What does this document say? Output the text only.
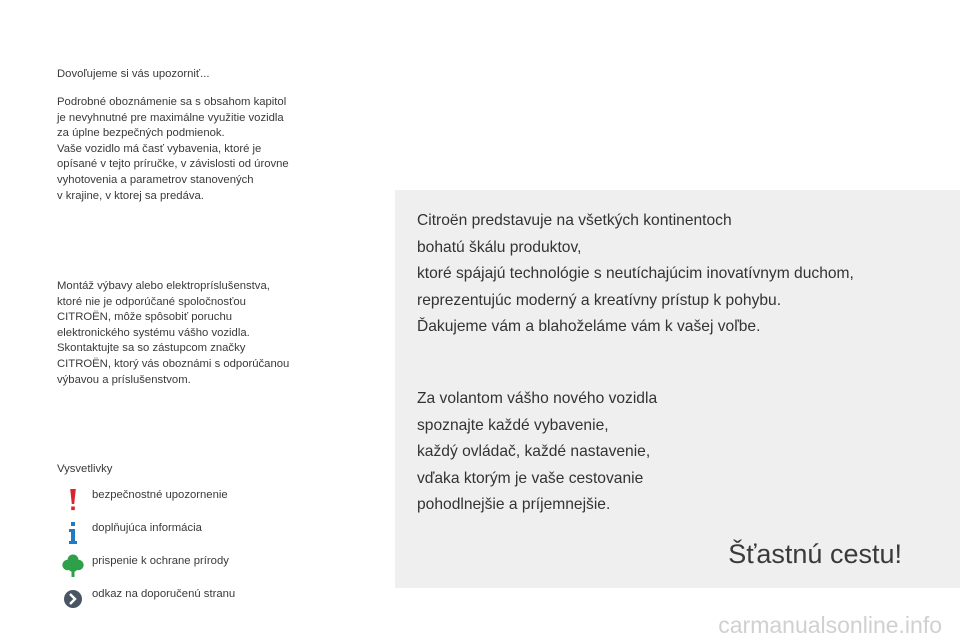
Dovoľujeme si vás upozorniť...

Podrobné oboznámenie sa s obsahom kapitol
je nevyhnutné pre maximálne využitie vozidla
za úplne bezpečných podmienok.
Vaše vozidlo má časť vybavenia, ktoré je
opísané v tejto príručke, v závislosti od úrovne
vyhotovenia a parametrov stanovených
v krajine, v ktorej sa predáva.

Montáž výbavy alebo elektropríslušenstva,
ktoré nie je odporúčané spoločnosťou
CITROËN, môže spôsobiť poruchu
elektronického systému vášho vozidla.
Skontaktujte sa so zástupcom značky
CITROËN, ktorý vás oboznámi s odporúčanou
výbavou a príslušenstvom.

Vysvetlivky

bezpečnostné upozornenie
doplňujúca informácia
prispenie k ochrane prírody
odkaz na doporučenú stranu

Citroën predstavuje na všetkých kontinentoch
bohatú škálu produktov,
ktoré spájajú technológie s neutíchajúcim inovatívnym duchom,
reprezentujúc moderný a kreatívny prístup k pohybu.
Ďakujeme vám a blahoželáme vám k vašej voľbe.

Za volantom vášho nového vozidla
spoznajte každé vybavenie,
každý ovládač, každé nastavenie,
vďaka ktorým je vaše cestovanie
pohodlnejšie a príjemnejšie.

Šťastnú cestu!

carmanualsonline.info
